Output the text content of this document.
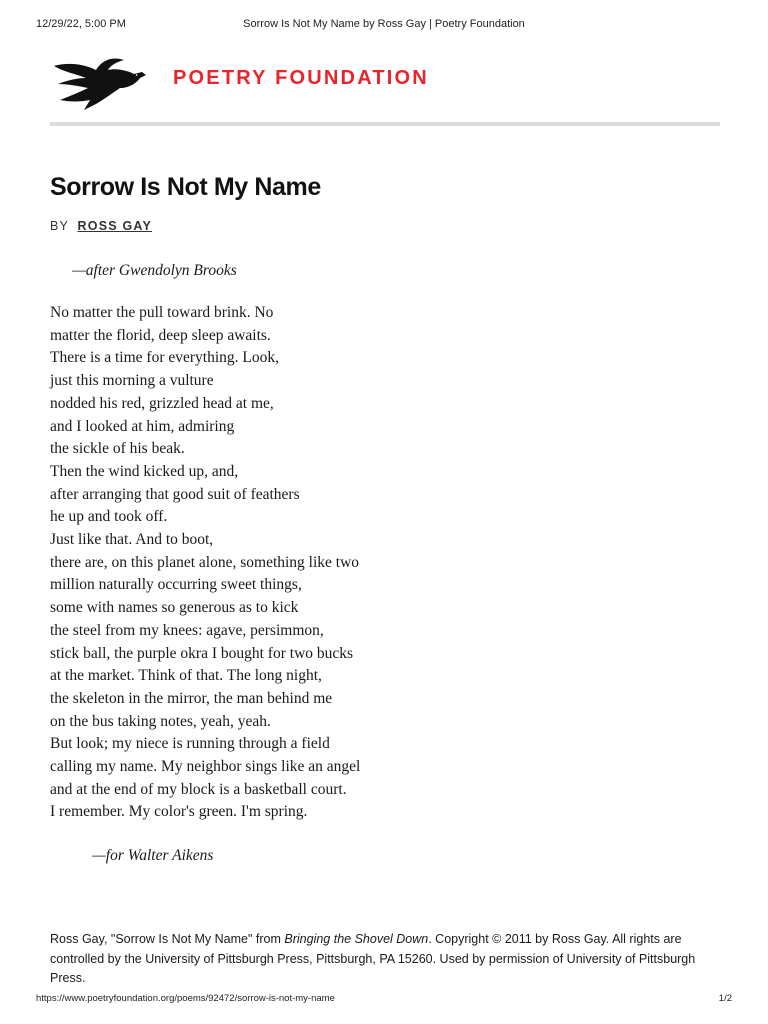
12/29/22, 5:00 PM	Sorrow Is Not My Name by Ross Gay | Poetry Foundation
POETRY FOUNDATION
Sorrow Is Not My Name
BY ROSS GAY
—after Gwendolyn Brooks
No matter the pull toward brink. No
matter the florid, deep sleep awaits.
There is a time for everything. Look,
just this morning a vulture
nodded his red, grizzled head at me,
and I looked at him, admiring
the sickle of his beak.
Then the wind kicked up, and,
after arranging that good suit of feathers
he up and took off.
Just like that. And to boot,
there are, on this planet alone, something like two
million naturally occurring sweet things,
some with names so generous as to kick
the steel from my knees: agave, persimmon,
stick ball, the purple okra I bought for two bucks
at the market. Think of that. The long night,
the skeleton in the mirror, the man behind me
on the bus taking notes, yeah, yeah.
But look; my niece is running through a field
calling my name. My neighbor sings like an angel
and at the end of my block is a basketball court.
I remember. My color's green. I'm spring.
—for Walter Aikens
Ross Gay, "Sorrow Is Not My Name" from Bringing the Shovel Down. Copyright © 2011 by Ross Gay. All rights are controlled by the University of Pittsburgh Press, Pittsburgh, PA 15260. Used by permission of University of Pittsburgh Press.
https://www.poetryfoundation.org/poems/92472/sorrow-is-not-my-name	1/2
